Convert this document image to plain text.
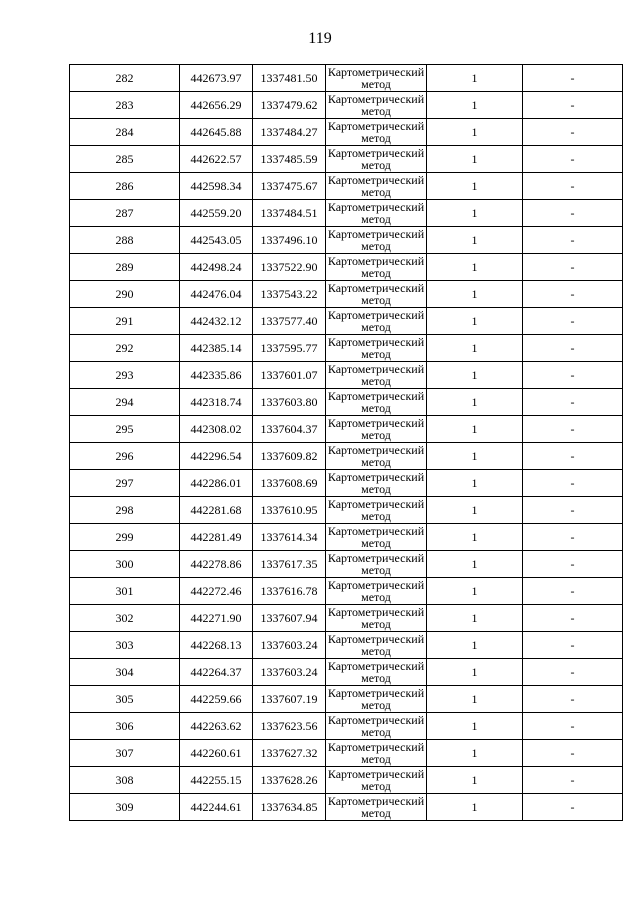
119
282	442673.97	1337481.50	Картометрический метод	1	-
283	442656.29	1337479.62	Картометрический метод	1	-
284	442645.88	1337484.27	Картометрический метод	1	-
285	442622.57	1337485.59	Картометрический метод	1	-
286	442598.34	1337475.67	Картометрический метод	1	-
287	442559.20	1337484.51	Картометрический метод	1	-
288	442543.05	1337496.10	Картометрический метод	1	-
289	442498.24	1337522.90	Картометрический метод	1	-
290	442476.04	1337543.22	Картометрический метод	1	-
291	442432.12	1337577.40	Картометрический метод	1	-
292	442385.14	1337595.77	Картометрический метод	1	-
293	442335.86	1337601.07	Картометрический метод	1	-
294	442318.74	1337603.80	Картометрический метод	1	-
295	442308.02	1337604.37	Картометрический метод	1	-
296	442296.54	1337609.82	Картометрический метод	1	-
297	442286.01	1337608.69	Картометрический метод	1	-
298	442281.68	1337610.95	Картометрический метод	1	-
299	442281.49	1337614.34	Картометрический метод	1	-
300	442278.86	1337617.35	Картометрический метод	1	-
301	442272.46	1337616.78	Картометрический метод	1	-
302	442271.90	1337607.94	Картометрический метод	1	-
303	442268.13	1337603.24	Картометрический метод	1	-
304	442264.37	1337603.24	Картометрический метод	1	-
305	442259.66	1337607.19	Картометрический метод	1	-
306	442263.62	1337623.56	Картометрический метод	1	-
307	442260.61	1337627.32	Картометрический метод	1	-
308	442255.15	1337628.26	Картометрический метод	1	-
309	442244.61	1337634.85	Картометрический метод	1	-
